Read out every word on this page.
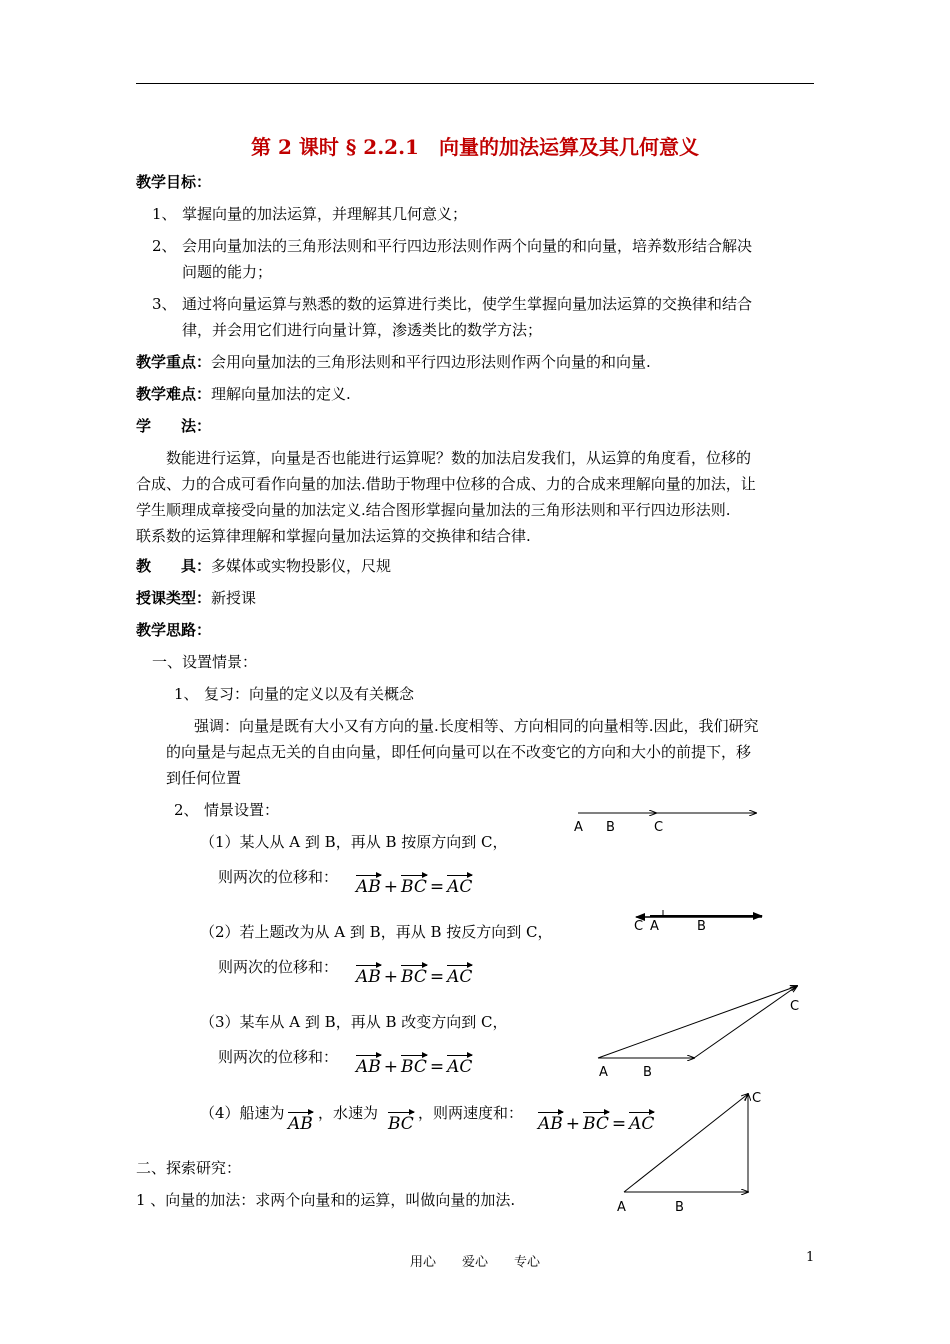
第 2 课时 § 2.2.1　向量的加法运算及其几何意义
教学目标：
1、 掌握向量的加法运算，并理解其几何意义；
2、 会用向量加法的三角形法则和平行四边形法则作两个向量的和向量，培养数形结合解决
问题的能力；
3、 通过将向量运算与熟悉的数的运算进行类比，使学生掌握向量加法运算的交换律和结合
律，并会用它们进行向量计算，渗透类比的数学方法；
教学重点：会用向量加法的三角形法则和平行四边形法则作两个向量的和向量.
教学难点：理解向量加法的定义.
学　　法：
数能进行运算，向量是否也能进行运算呢？数的加法启发我们，从运算的角度看，位移的
合成、力的合成可看作向量的加法.借助于物理中位移的合成、力的合成来理解向量的加法，让
学生顺理成章接受向量的加法定义.结合图形掌握向量加法的三角形法则和平行四边形法则.
联系数的运算律理解和掌握向量加法运算的交换律和结合律.
教　　具：多媒体或实物投影仪，尺规
授课类型：新授课
教学思路：
一、设置情景：
1、 复习：向量的定义以及有关概念
强调：向量是既有大小又有方向的量.长度相等、方向相同的向量相等.因此，我们研究
的向量是与起点无关的自由向量，即任何向量可以在不改变它的方向和大小的前提下，移
到任何位置
2、 情景设置：
（1）某人从 A 到 B，再从 B 按原方向到 C，
则两次的位移和： AB + BC = AC
（2）若上题改为从 A 到 B，再从 B 按反方向到 C，
则两次的位移和： AB + BC = AC
（3）某车从 A 到 B，再从 B 改变方向到 C，
则两次的位移和： AB + BC = AC
（4）船速为
AB
，水速为
BC
，则两速度和：
AB + BC = AC
二、探索研究：
1 、向量的加法：求两个向量和的运算，叫做向量的加法.
A B	C
C A	B
C
A	B
C
A	B
用心　　爱心　　专心	1
